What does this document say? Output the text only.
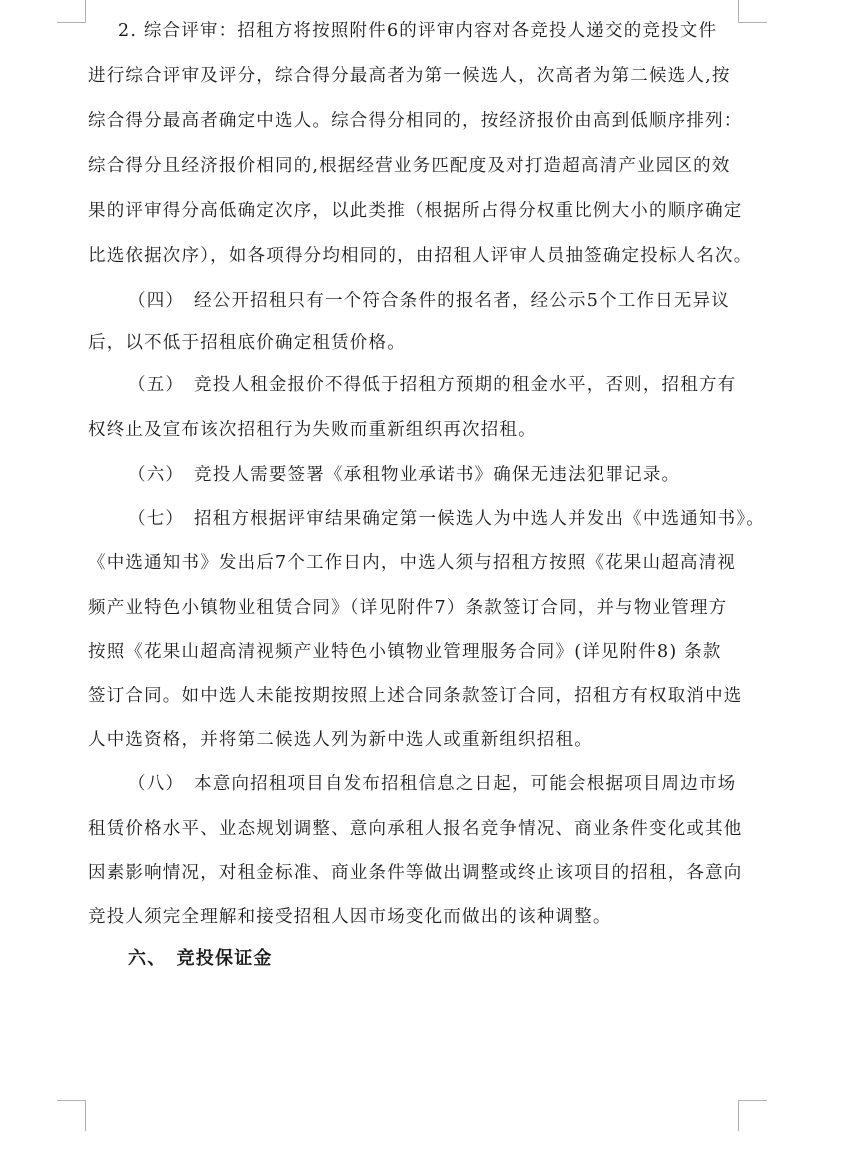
2. 综合评审：招租方将按照附件6的评审内容对各竞投人递交的竞投文件
进行综合评审及评分，综合得分最高者为第一候选人，次高者为第二候选人,按
综合得分最高者确定中选人。综合得分相同的，按经济报价由高到低顺序排列：
综合得分且经济报价相同的,根据经营业务匹配度及对打造超高清产业园区的效
果的评审得分高低确定次序，以此类推（根据所占得分权重比例大小的顺序确定
比选依据次序），如各项得分均相同的，由招租人评审人员抽签确定投标人名次。
（四）　经公开招租只有一个符合条件的报名者，经公示5个工作日无异议
后，以不低于招租底价确定租赁价格。
（五）　竞投人租金报价不得低于招租方预期的租金水平，否则，招租方有
权终止及宣布该次招租行为失败而重新组织再次招租。
（六）　竞投人需要签署《承租物业承诺书》确保无违法犯罪记录。
（七）　招租方根据评审结果确定第一候选人为中选人并发出《中选通知书》。
《中选通知书》发出后7个工作日内，中选人须与招租方按照《花果山超高清视
频产业特色小镇物业租赁合同》（详见附件7）条款签订合同，并与物业管理方
按照《花果山超高清视频产业特色小镇物业管理服务合同》(详见附件8) 条款
签订合同。如中选人未能按期按照上述合同条款签订合同，招租方有权取消中选
人中选资格，并将第二候选人列为新中选人或重新组织招租。
（八）　本意向招租项目自发布招租信息之日起，可能会根据项目周边市场
租赁价格水平、业态规划调整、意向承租人报名竞争情况、商业条件变化或其他
因素影响情况，对租金标准、商业条件等做出调整或终止该项目的招租，各意向
竞投人须完全理解和接受招租人因市场变化而做出的该种调整。
六、　竞投保证金
